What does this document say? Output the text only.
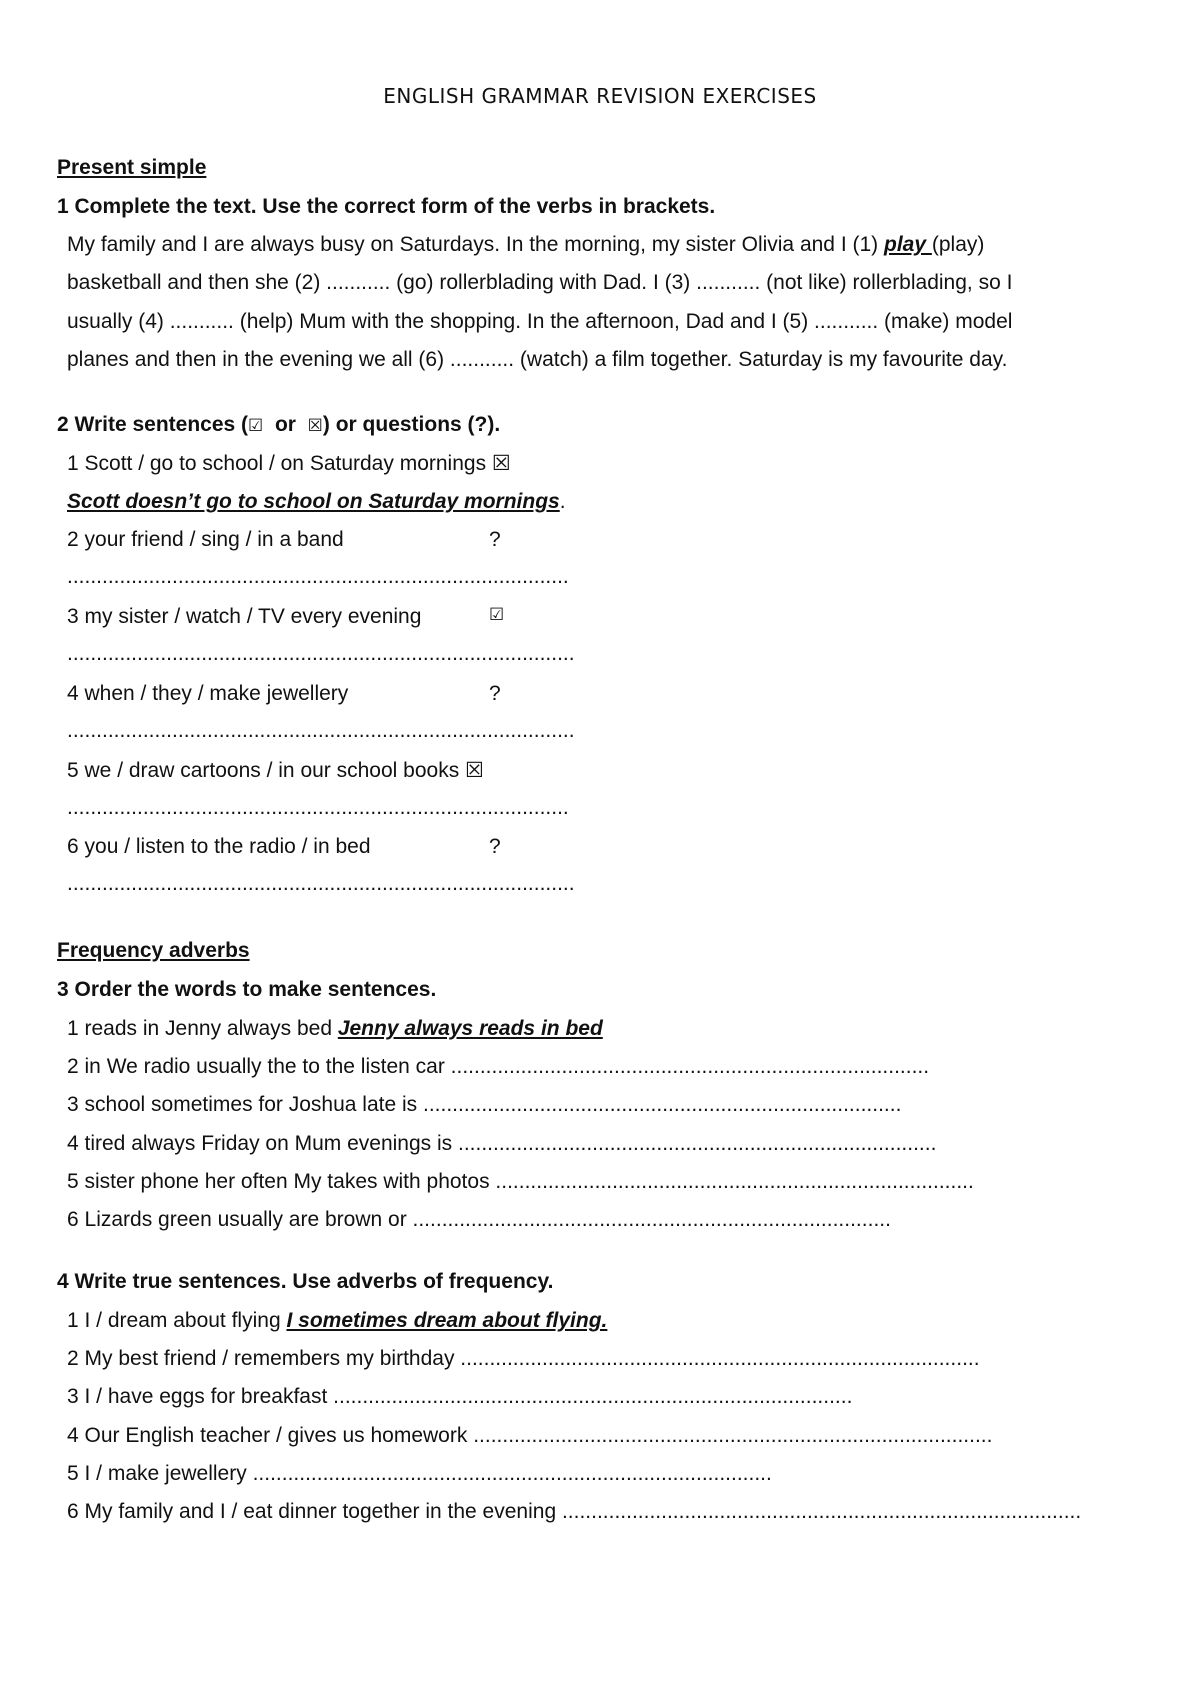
ENGLISH GRAMMAR REVISION EXERCISES
Present simple
1 Complete the text. Use the correct form of the verbs in brackets.
My family and I are always busy on Saturdays. In the morning, my sister Olivia and I (1) play (play)
basketball and then she (2) ........... (go) rollerblading with Dad. I (3) ........... (not like) rollerblading, so I
usually (4) ........... (help) Mum with the shopping. In the afternoon, Dad and I (5) ........... (make) model
planes and then in the evening we all (6) ........... (watch) a film together. Saturday is my favourite day.
2 Write sentences (☑  or  ☒) or questions (?).
1 Scott / go to school / on Saturday mornings ☒
Scott doesn’t go to school on Saturday mornings.
2 your friend / sing / in a band	?
......................................................................................
3 my sister / watch / TV every evening	☑
.......................................................................................
4 when / they / make jewellery	?
.......................................................................................
5 we / draw cartoons / in our school books ☒
......................................................................................
6 you / listen to the radio / in bed	?
.......................................................................................
Frequency adverbs
3 Order the words to make sentences.
1 reads in Jenny always bed Jenny always reads in bed
2 in We radio usually the to the listen car ..................................................................................
3 school sometimes for Joshua late is ..................................................................................
4 tired always Friday on Mum evenings is ..................................................................................
5 sister phone her often My takes with photos ..................................................................................
6 Lizards green usually are brown or ..................................................................................
4 Write true sentences. Use adverbs of frequency.
1 I / dream about flying I sometimes dream about flying.
2 My best friend / remembers my birthday .........................................................................................
3 I / have eggs for breakfast .........................................................................................
4 Our English teacher / gives us homework .........................................................................................
5 I / make jewellery .........................................................................................
6 My family and I / eat dinner together in the evening .........................................................................................
